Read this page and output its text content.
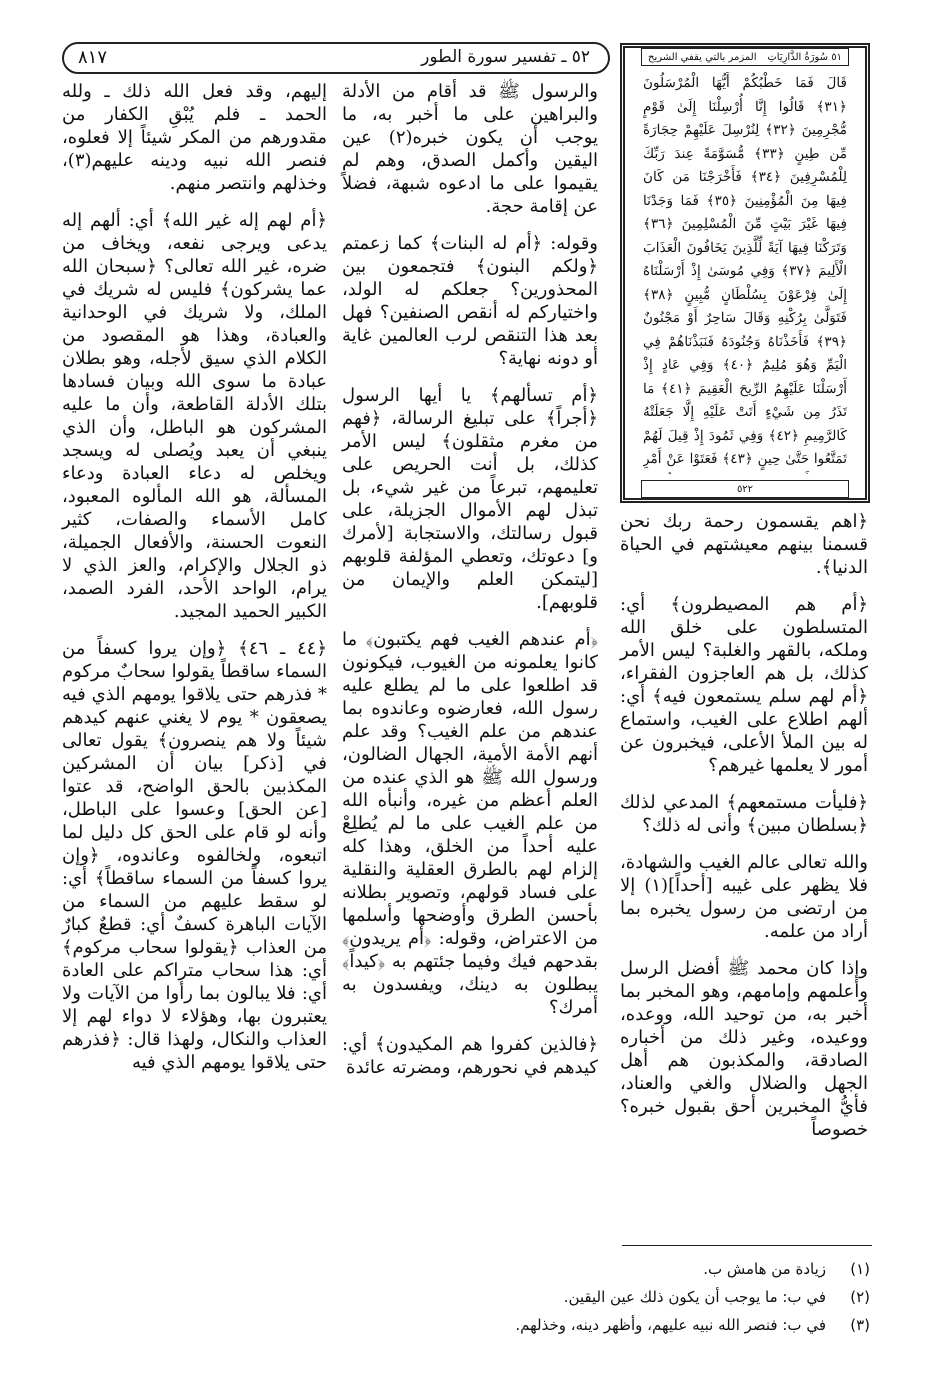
٥٢ ـ تفسير سورة الطور
٨١٧	٥١ سُورَةُ الذَّارِيَاتِ
المزمر بالتي يقفي الشريح
قَالَ فَمَا خَطْبُكُمْ أَيُّهَا الْمُرْسَلُونَ ﴿٣١﴾ قَالُوا إِنَّا أُرْسِلْنَا إِلَىٰ قَوْمٍ مُّجْرِمِينَ ﴿٣٢﴾ لِنُرْسِلَ عَلَيْهِمْ حِجَارَةً مِّن طِينٍ ﴿٣٣﴾ مُّسَوَّمَةً عِندَ رَبِّكَ لِلْمُسْرِفِينَ ﴿٣٤﴾ فَأَخْرَجْنَا مَن كَانَ فِيهَا مِنَ الْمُؤْمِنِينَ ﴿٣٥﴾ فَمَا وَجَدْنَا فِيهَا غَيْرَ بَيْتٍ مِّنَ الْمُسْلِمِينَ ﴿٣٦﴾ وَتَرَكْنَا فِيهَا آيَةً لِّلَّذِينَ يَخَافُونَ الْعَذَابَ الْأَلِيمَ ﴿٣٧﴾ وَفِي مُوسَىٰ إِذْ أَرْسَلْنَاهُ إِلَىٰ فِرْعَوْنَ بِسُلْطَانٍ مُّبِينٍ ﴿٣٨﴾ فَتَوَلَّىٰ بِرُكْنِهِ وَقَالَ سَاحِرٌ أَوْ مَجْنُونٌ ﴿٣٩﴾ فَأَخَذْنَاهُ وَجُنُودَهُ فَنَبَذْنَاهُمْ فِي الْيَمِّ وَهُوَ مُلِيمٌ ﴿٤٠﴾ وَفِي عَادٍ إِذْ أَرْسَلْنَا عَلَيْهِمُ الرِّيحَ الْعَقِيمَ ﴿٤١﴾ مَا تَذَرُ مِن شَيْءٍ أَتَتْ عَلَيْهِ إِلَّا جَعَلَتْهُ كَالرَّمِيمِ ﴿٤٢﴾ وَفِي ثَمُودَ إِذْ قِيلَ لَهُمْ تَمَتَّعُوا حَتَّىٰ حِينٍ ﴿٤٣﴾ فَعَتَوْا عَنْ أَمْرِ
٥٢٢

﴿اهم يقسمون رحمة ربك نحن قسمنا بينهم معيشتهم في الحياة الدنيا﴾.

﴿أم هم المصيطرون﴾ أي: المتسلطون على خلق الله وملكه، بالقهر والغلبة؟ ليس الأمر كذلك، بل هم العاجزون الفقراء، ﴿أم لهم سلم يستمعون فيه﴾ أي: ألهم اطلاع على الغيب، واستماع له بين الملأ الأعلى، فيخبرون عن أمور لا يعلمها غيرهم؟

﴿فليأت مستمعهم﴾ المدعي لذلك ﴿بسلطان مبين﴾ وأنى له ذلك؟

والله تعالى عالم الغيب والشهادة، فلا يظهر على غيبه [أحداً](١) إلا من ارتضى من رسول يخبره بما أراد من علمه.

وإذا كان محمد ﷺ أفضل الرسل وأعلمهم وإمامهم، وهو المخبر بما أخبر به، من توحيد الله، ووعده، ووعيده، وغير ذلك من أخباره الصادقة، والمكذبون هم أهل الجهل والضلال والغي والعناد، فأيُّ المخبرين أحق بقبول خبره؟ خصوصاً

والرسول ﷺ قد أقام من الأدلة والبراهين على ما أخبر به، ما يوجب أن يكون خبره(٢) عين اليقين وأكمل الصدق، وهم لم يقيموا على ما ادعوه شبهة، فضلاً عن إقامة حجة.

وقوله: ﴿أم له البنات﴾ كما زعمتم ﴿ولكم البنون﴾ فتجمعون بين المحذورين؟ جعلكم له الولد، واختياركم له أنقص الصنفين؟ فهل بعد هذا التنقص لرب العالمين غاية أو دونه نهاية؟

﴿أم تسألهم﴾ يا أيها الرسول ﴿أجراً﴾ على تبليغ الرسالة، ﴿فهم من مغرم مثقلون﴾ ليس الأمر كذلك، بل أنت الحريص على تعليمهم، تبرعاً من غير شيء، بل تبذل لهم الأموال الجزيلة، على قبول رسالتك، والاستجابة [لأمرك و] دعوتك، وتعطي المؤلفة قلوبهم [ليتمكن العلم والإيمان من قلوبهم].

﴿أم عندهم الغيب فهم يكتبون﴾ ما كانوا يعلمونه من الغيوب، فيكونون قد اطلعوا على ما لم يطلع عليه رسول الله، فعارضوه وعاندوه بما عندهم من علم الغيب؟ وقد علم أنهم الأمة الأمية، الجهال الضالون، ورسول الله ﷺ هو الذي عنده من العلم أعظم من غيره، وأنبأه الله من علم الغيب على ما لم يُطلِعْ عليه أحداً من الخلق، وهذا كله إلزام لهم بالطرق العقلية والنقلية على فساد قولهم، وتصوير بطلانه بأحسن الطرق وأوضحها وأسلمها من الاعتراض، وقوله: ﴿أم يريدون﴾ بقدحهم فيك وفيما جئتهم به ﴿كيداً﴾ يبطلون به دينك، ويفسدون به أمرك؟

﴿فالذين كفروا هم المكيدون﴾ أي: كيدهم في نحورهم، ومضرته عائدة

إليهم، وقد فعل الله ذلك ـ ولله الحمد ـ فلم يُبْقِ الكفار من مقدورهم من المكر شيئاً إلا فعلوه، فنصر الله نبيه ودينه عليهم(٣)، وخذلهم وانتصر منهم.

﴿أم لهم إله غير الله﴾ أي: ألهم إله يدعى ويرجى نفعه، ويخاف من ضره، غير الله تعالى؟ ﴿سبحان الله عما يشركون﴾ فليس له شريك في الملك، ولا شريك في الوحدانية والعبادة، وهذا هو المقصود من الكلام الذي سيق لأجله، وهو بطلان عبادة ما سوى الله وبيان فسادها بتلك الأدلة القاطعة، وأن ما عليه المشركون هو الباطل، وأن الذي ينبغي أن يعبد ويُصلى له ويسجد ويخلص له دعاء العبادة ودعاء المسألة، هو الله المألوه المعبود، كامل الأسماء والصفات، كثير النعوت الحسنة، والأفعال الجميلة، ذو الجلال والإكرام، والعز الذي لا يرام، الواحد الأحد، الفرد الصمد، الكبير الحميد المجيد.

﴿٤٤ ـ ٤٦﴾ ﴿وإن يروا كسفاً من السماء ساقطاً يقولوا سحابٌ مركوم * فذرهم حتى يلاقوا يومهم الذي فيه يصعقون * يوم لا يغني عنهم كيدهم شيئاً ولا هم ينصرون﴾ يقول تعالى في [ذكر] بيان أن المشركين المكذبين بالحق الواضح، قد عتوا [عن الحق] وعسوا على الباطل، وأنه لو قام على الحق كل دليل لما اتبعوه، ولخالفوه وعاندوه، ﴿وإن يروا كسفاً من السماء ساقطاً﴾ أي: لو سقط عليهم من السماء من الآيات الباهرة كسفٌ أي: قطعٌ كبارٌ من العذاب ﴿يقولوا سحاب مركوم﴾ أي: هذا سحاب متراكم على العادة أي: فلا يبالون بما رأوا من الآيات ولا يعتبرون بها، وهؤلاء لا دواء لهم إلا العذاب والنكال، ولهذا قال: ﴿فذرهم حتى يلاقوا يومهم الذي فيه

(١)
زيادة من هامش ب.
(٢)
في ب: ما يوجب أن يكون ذلك عين اليقين.
(٣)
في ب: فنصر الله نبيه عليهم، وأظهر دينه، وخذلهم.
